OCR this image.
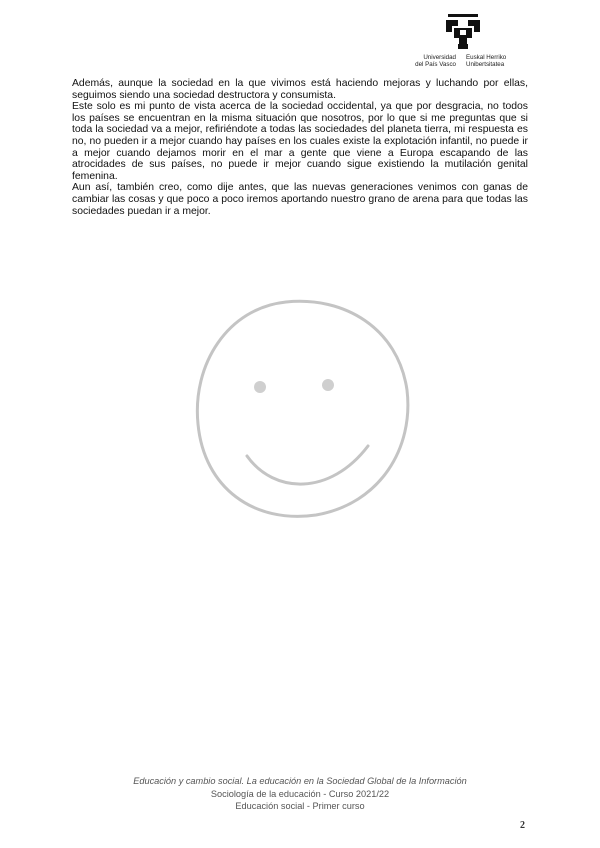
Universidad
del País Vasco
Euskal Herriko
Unibertsitatea

Además, aunque la sociedad en la que vivimos está haciendo mejoras y luchando por ellas, seguimos siendo una sociedad destructora y consumista.

Este solo es mi punto de vista acerca de la sociedad occidental, ya que por desgracia, no todos los países se encuentran en la misma situación que nosotros, por lo que si me preguntas que si toda la sociedad va a mejor, refiriéndote a todas las sociedades del planeta tierra, mi respuesta es no, no pueden ir a mejor cuando hay países en los cuales existe la explotación infantil, no puede ir a mejor cuando dejamos morir en el mar a gente que viene a Europa escapando de las atrocidades de sus países, no puede ir mejor cuando sigue existiendo la mutilación genital femenina.

Aun así, también creo, como dije antes, que las nuevas generaciones venimos con ganas de cambiar las cosas y que poco a poco iremos aportando nuestro grano de arena para que todas las sociedades puedan ir a mejor.

Educación y cambio social. La educación en la Sociedad Global de la Información
Sociología de la educación - Curso 2021/22
Educación social - Primer curso
2
